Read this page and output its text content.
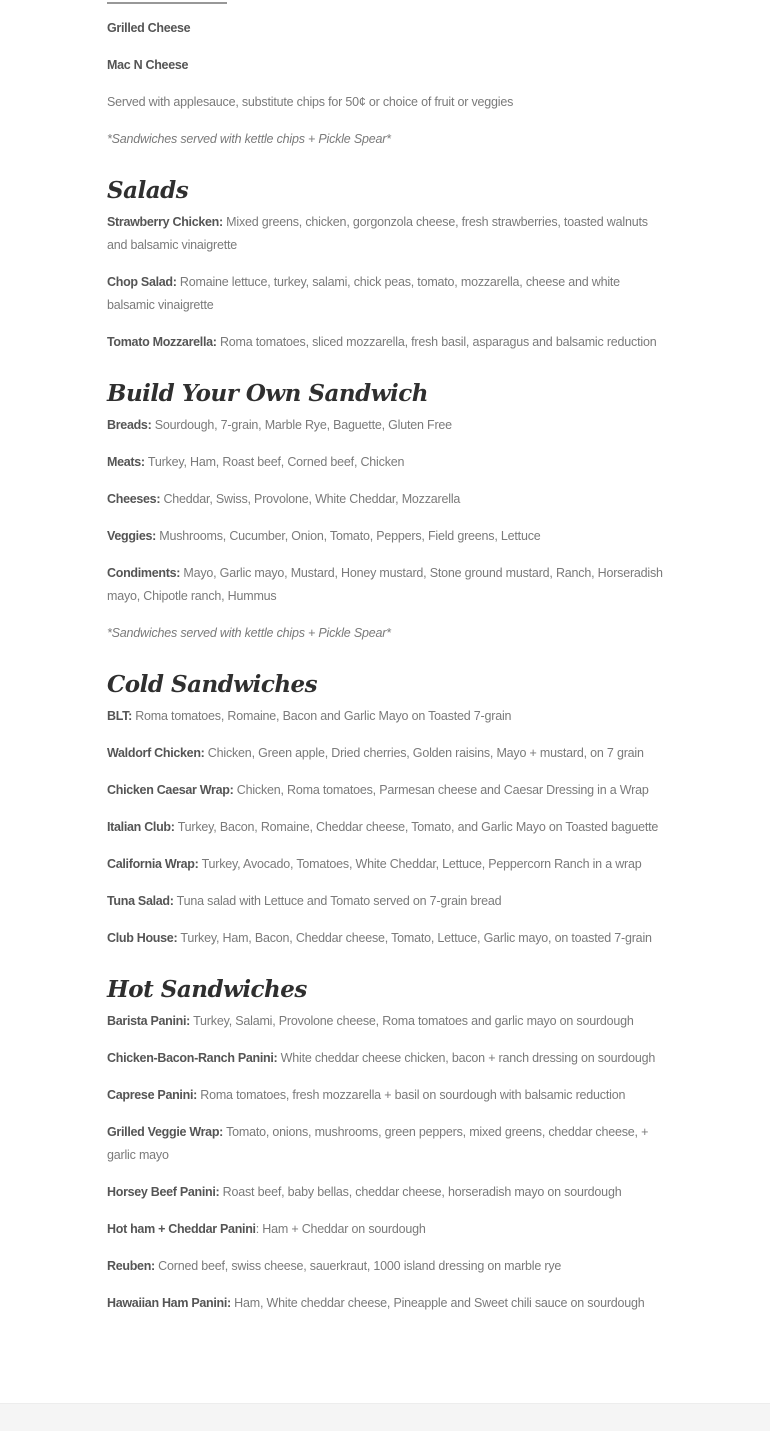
Grilled Cheese

Mac N Cheese

Served with applesauce, substitute chips for 50¢ or choice of fruit or veggies

*Sandwiches served with kettle chips + Pickle Spear*

Salads

Strawberry Chicken: Mixed greens, chicken, gorgonzola cheese, fresh strawberries, toasted walnuts and balsamic vinaigrette

Chop Salad: Romaine lettuce, turkey, salami, chick peas, tomato, mozzarella, cheese and white balsamic vinaigrette

Tomato Mozzarella: Roma tomatoes, sliced mozzarella, fresh basil, asparagus and balsamic reduction

Build Your Own Sandwich

Breads: Sourdough, 7-grain, Marble Rye, Baguette, Gluten Free

Meats: Turkey, Ham, Roast beef, Corned beef, Chicken

Cheeses: Cheddar, Swiss, Provolone, White Cheddar, Mozzarella

Veggies: Mushrooms, Cucumber, Onion, Tomato, Peppers, Field greens, Lettuce

Condiments: Mayo, Garlic mayo, Mustard, Honey mustard, Stone ground mustard, Ranch, Horseradish mayo, Chipotle ranch, Hummus

*Sandwiches served with kettle chips + Pickle Spear*

Cold Sandwiches

BLT: Roma tomatoes, Romaine, Bacon and Garlic Mayo on Toasted 7-grain

Waldorf Chicken: Chicken, Green apple, Dried cherries, Golden raisins, Mayo + mustard, on 7 grain

Chicken Caesar Wrap: Chicken, Roma tomatoes, Parmesan cheese and Caesar Dressing in a Wrap

Italian Club: Turkey, Bacon, Romaine, Cheddar cheese, Tomato, and Garlic Mayo on Toasted baguette

California Wrap: Turkey, Avocado, Tomatoes, White Cheddar, Lettuce, Peppercorn Ranch in a wrap

Tuna Salad: Tuna salad with Lettuce and Tomato served on 7-grain bread

Club House: Turkey, Ham, Bacon, Cheddar cheese, Tomato, Lettuce, Garlic mayo, on toasted 7-grain

Hot Sandwiches

Barista Panini: Turkey, Salami, Provolone cheese, Roma tomatoes and garlic mayo on sourdough

Chicken-Bacon-Ranch Panini: White cheddar cheese chicken, bacon + ranch dressing on sourdough

Caprese Panini: Roma tomatoes, fresh mozzarella + basil on sourdough with balsamic reduction

Grilled Veggie Wrap: Tomato, onions, mushrooms, green peppers, mixed greens, cheddar cheese, + garlic mayo

Horsey Beef Panini: Roast beef, baby bellas, cheddar cheese, horseradish mayo on sourdough

Hot ham + Cheddar Panini: Ham + Cheddar on sourdough

Reuben: Corned beef, swiss cheese, sauerkraut, 1000 island dressing on marble rye

Hawaiian Ham Panini: Ham, White cheddar cheese, Pineapple and Sweet chili sauce on sourdough
